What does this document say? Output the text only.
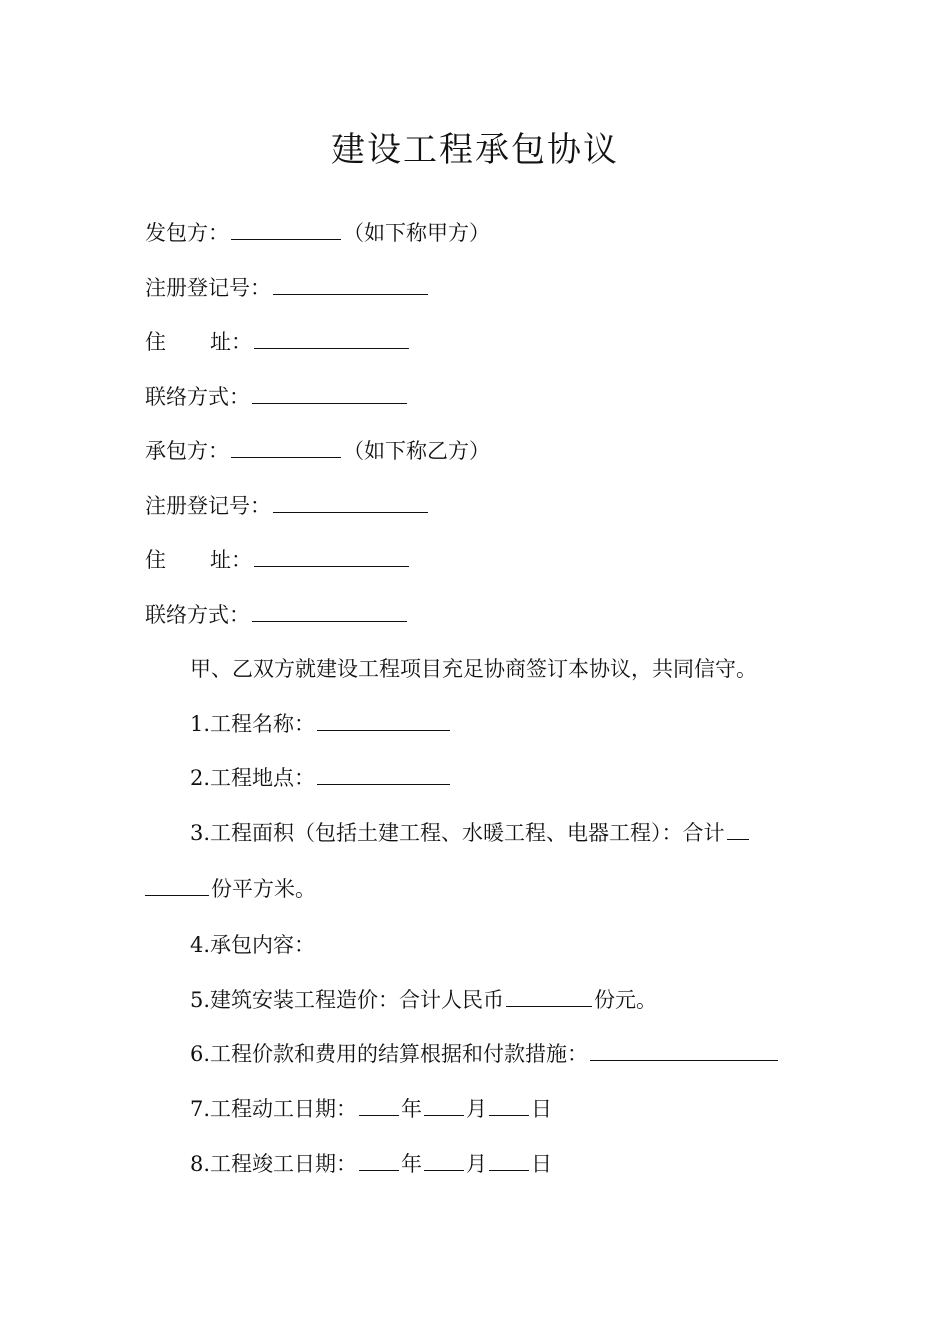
建设工程承包协议
发包方：	（如下称甲方）
注册登记号：
住 址：
联络方式：
承包方：	（如下称乙方）
注册登记号：
住 址：
联络方式：
甲、乙双方就建设工程项目充足协商签订本协议，共同信守。
1.工程名称：
2.工程地点：
3.工程面积（包括土建工程、水暖工程、电器工程）：合计
份平方米。
4.承包内容：
5.建筑安装工程造价：合计人民币	份元。
6.工程价款和费用的结算根据和付款措施：
7.工程动工日期： 年 月 日
8.工程竣工日期： 年 月 日
